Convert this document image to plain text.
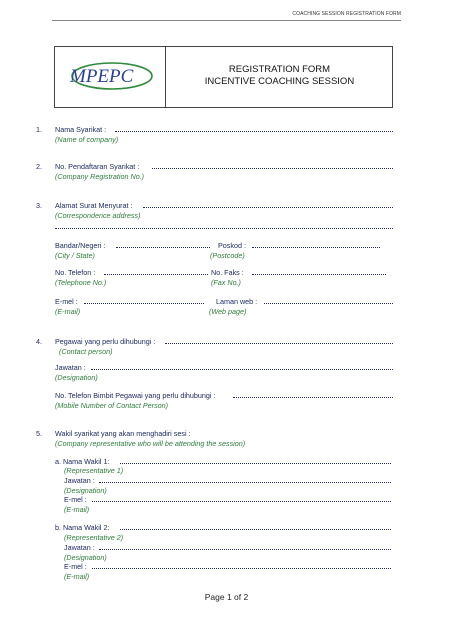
COACHING SESSION REGISTRATION FORM
MPEPC	REGISTRATION FORM
INCENTIVE COACHING SESSION
1. Nama Syarikat :
(Name of company)
2. No. Pendaftaran Syarikat :
(Company Registration No.)
3. Alamat Surat Menyurat :
(Correspondence address)
Bandar/Negeri :
(City / State)
Poskod :
(Postcode)
No. Telefon :
(Telephone No.)
No. Faks :
(Fax No.)
E-mel :
(E-mail)
Laman web :
(Web page)
4. Pegawai yang perlu dihubungi :
(Contact person)
Jawatan :
(Designation)
No. Telefon Bimbit Pegawai yang perlu dihubungi :
(Mobile Number of Contact Person)
5. Wakil syarikat yang akan menghadiri sesi :
(Company representative who will be attending the session)
a. Nama Wakil 1:
(Representative 1)
Jawatan :
(Designation)
E-mel :
(E-mail)
b. Nama Wakil 2:
(Representative 2)
Jawatan :
(Designation)
E-mel :
(E-mail)
Page 1 of 2
